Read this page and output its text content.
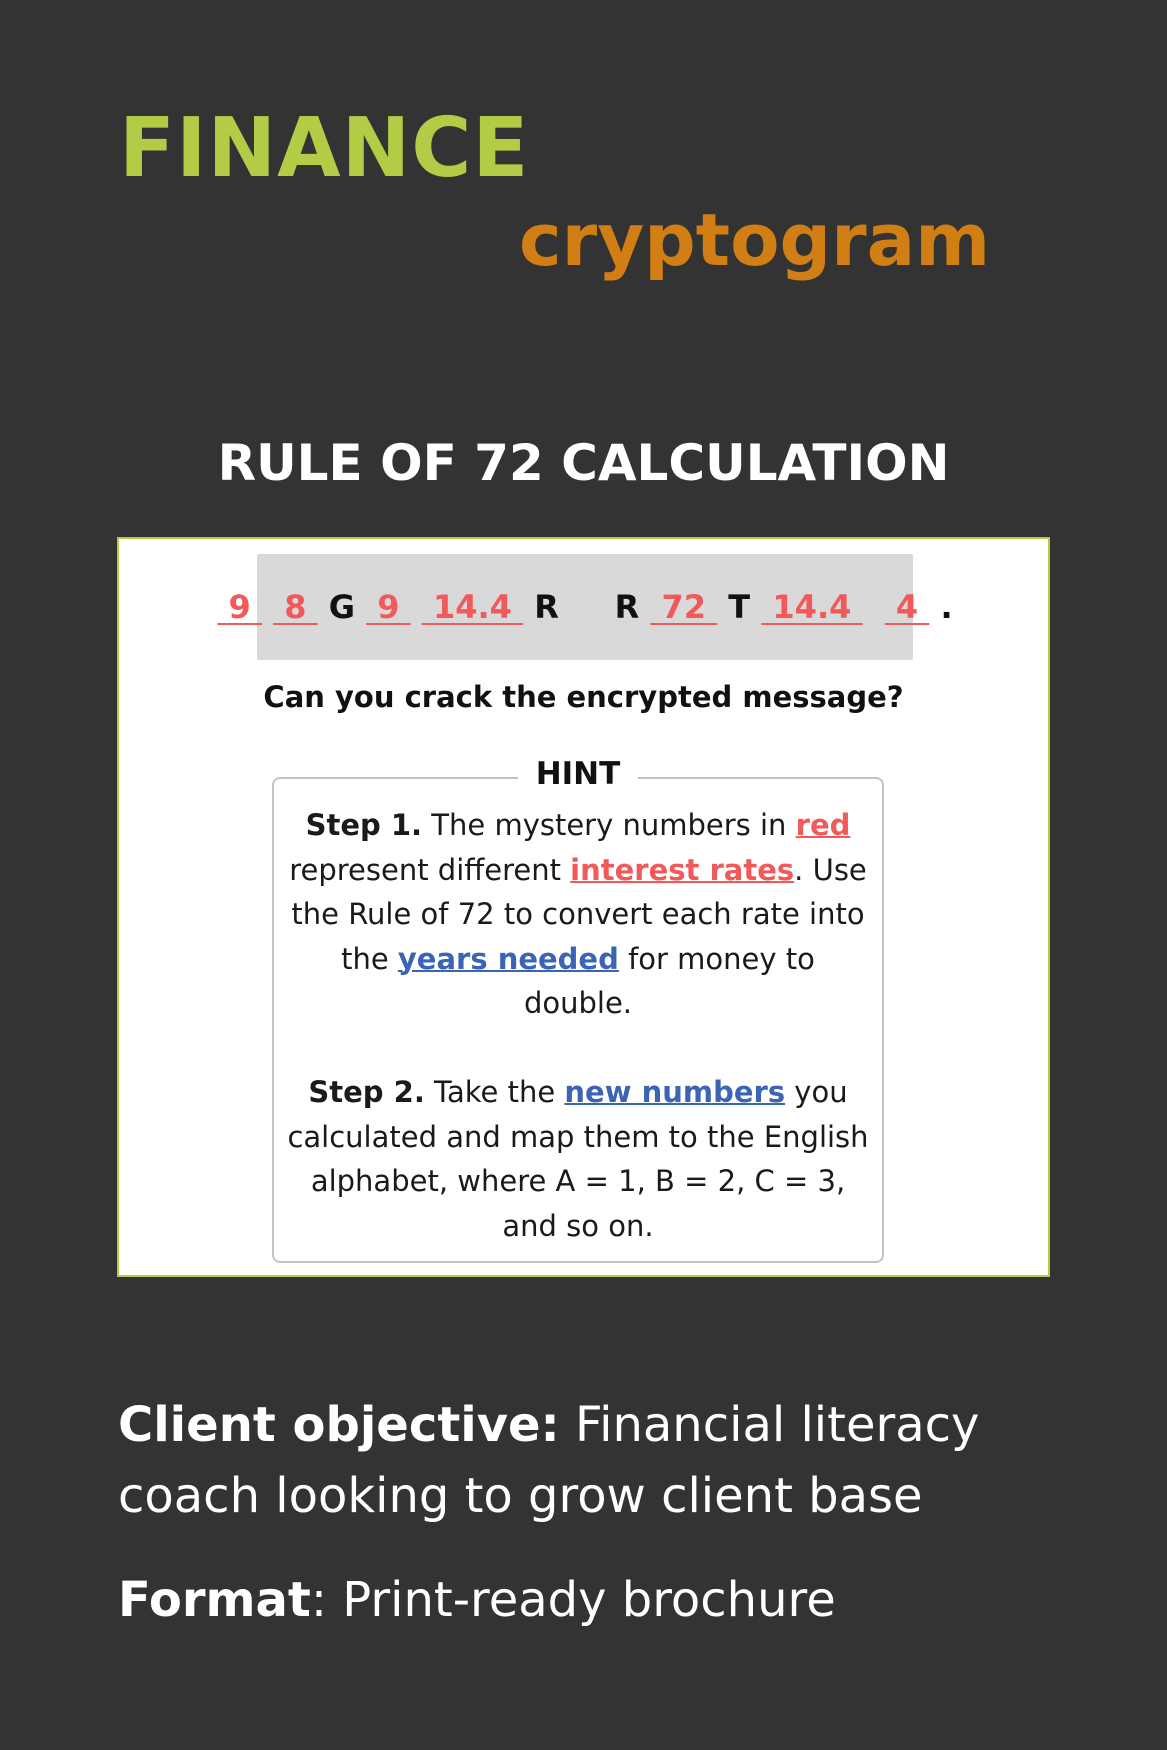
FINANCE
cryptogram
RULE OF 72 CALCULATION
9
8 G 9
14.4 R
R 72 T 14.4
4 .

Can you crack the encrypted message?

HINT

Step 1. The mystery numbers in red represent different interest rates. Use the Rule of 72 to convert each rate into the years needed for money to double.

Step 2. Take the new numbers you calculated and map them to the English alphabet, where A = 1, B = 2, C = 3, and so on.

Client objective: Financial literacy coach looking to grow client base

Format: Print-ready brochure
